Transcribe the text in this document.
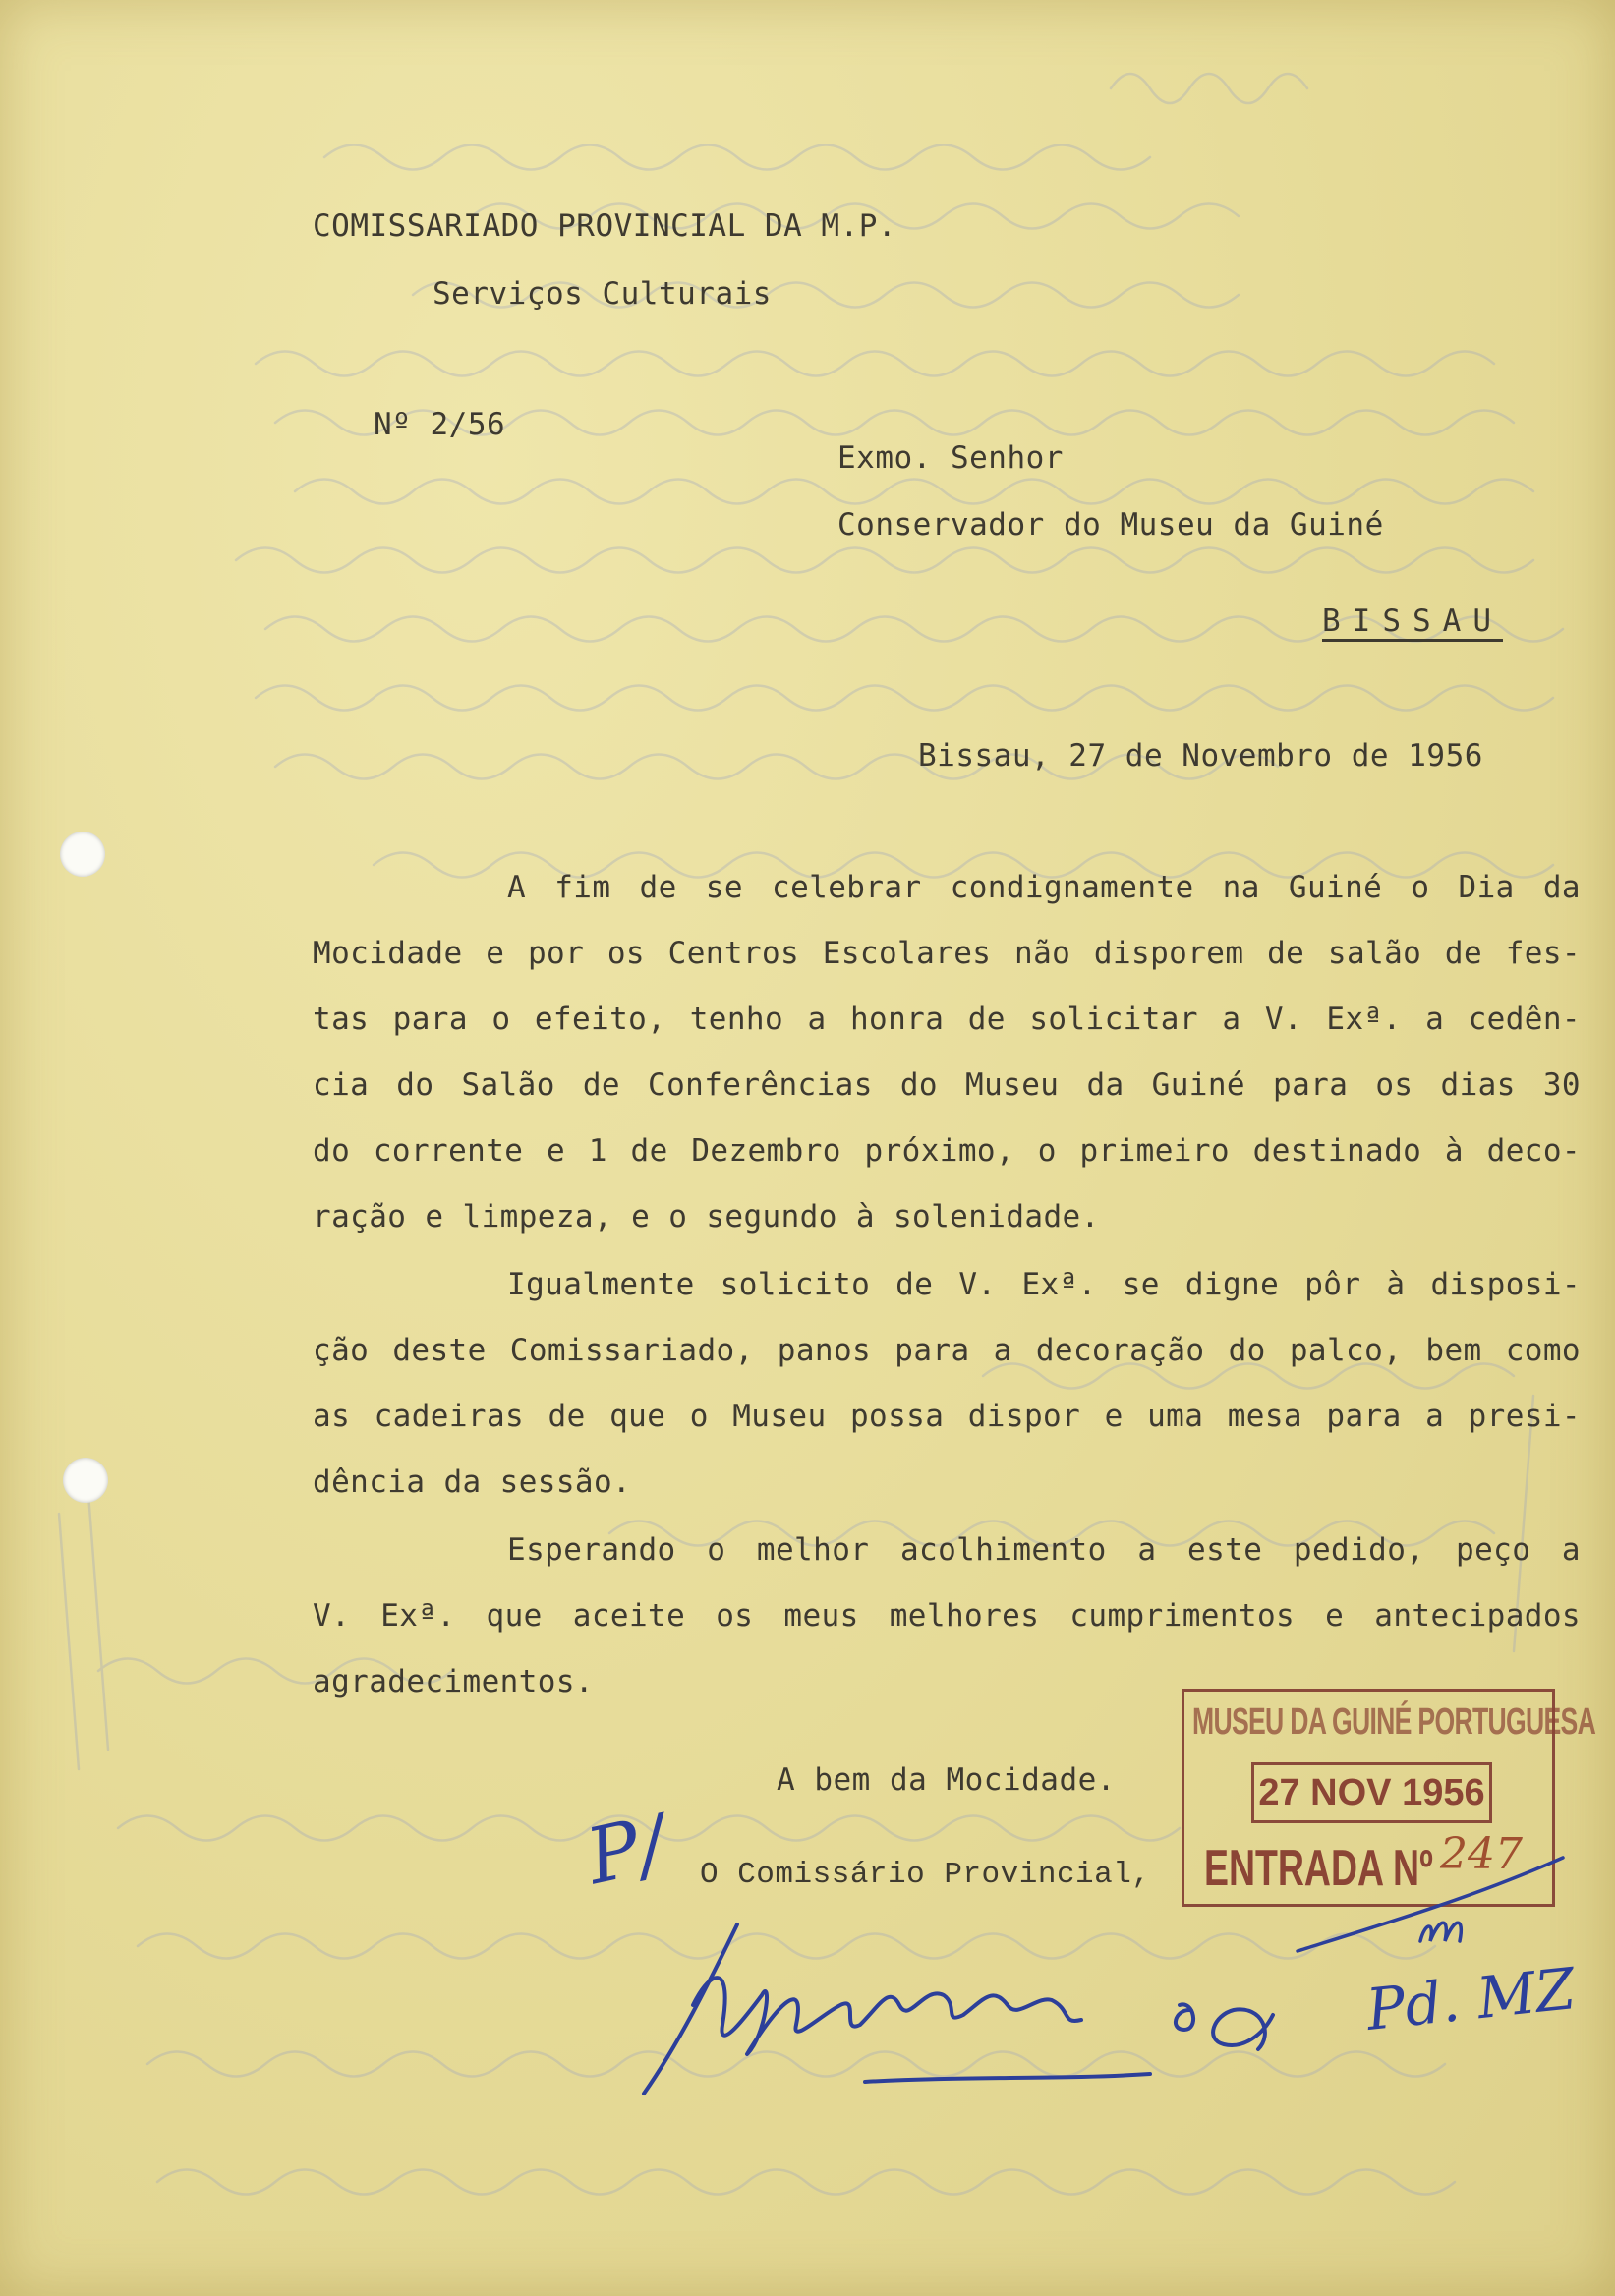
COMISSARIADO PROVINCIAL DA M.P.
Serviços Culturais
Nº 2/56
Exmo. Senhor
Conservador do Museu da Guiné
BISSAU
Bissau, 27 de Novembro de 1956
A fim de se celebrar condignamente na Guiné o Dia da
Mocidade e por os Centros Escolares não disporem de salão de fes-
tas para o efeito, tenho a honra de solicitar a V. Exª. a cedên-
cia do Salão de Conferências do Museu da Guiné para os dias 30
do corrente e 1 de Dezembro próximo, o primeiro destinado à deco-
ração e limpeza, e o segundo à solenidade.
Igualmente solicito de V. Exª. se digne pôr à disposi-
ção deste Comissariado, panos para a decoração do palco, bem como
as cadeiras de que o Museu possa dispor e uma mesa para a presi-
dência da sessão.
Esperando o melhor acolhimento a este pedido, peço a
V. Exª. que aceite os meus melhores cumprimentos e antecipados
agradecimentos.
A bem da Mocidade.
O Comissário Provincial,
P/
MUSEU DA GUINÉ PORTUGUESA
27 NOV 1956
ENTRADA Nº 247
Pd. MZ
